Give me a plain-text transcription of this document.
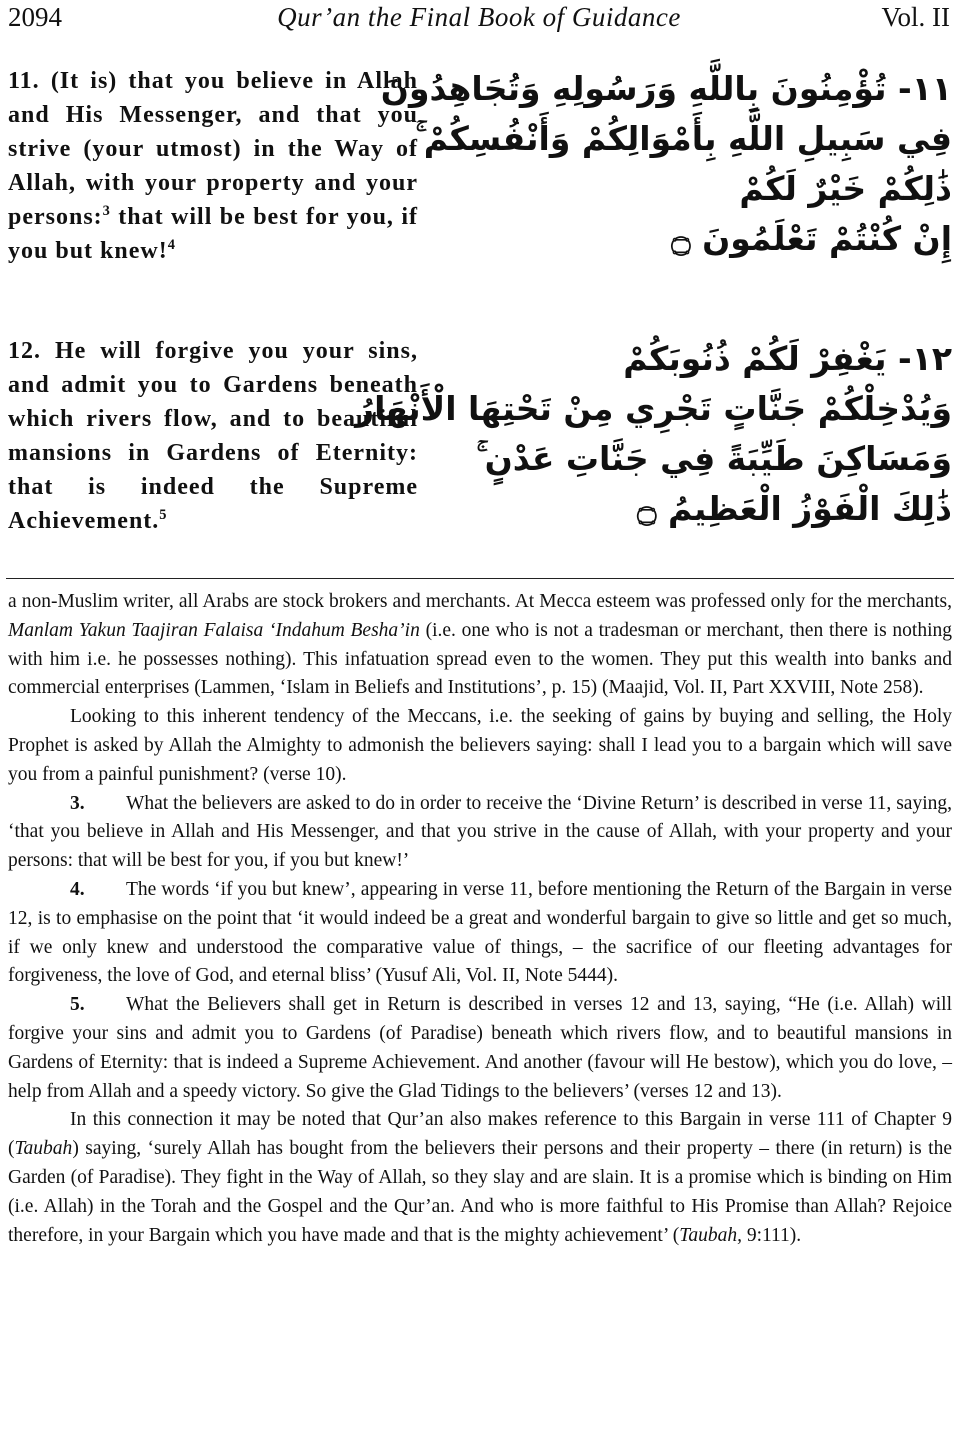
2094	Qur’an the Final Book of Guidance	Vol. II
11. (It is) that you believe in Allah and His Messenger, and that you strive (your utmost) in the Way of Allah, with your property and your persons:$^3$ that will be best for you, if you but knew!$^4$
١١- تُؤْمِنُونَ بِاللَّهِ وَرَسُولِهِ وَتُجَاهِدُونَ
فِي سَبِيلِ اللَّهِ بِأَمْوَالِكُمْ وَأَنْفُسِكُمْ ۚ
ذَٰلِكُمْ خَيْرٌ لَكُمْ
إِنْ كُنْتُمْ تَعْلَمُونَ ۝
12. He will forgive you your sins, and admit you to Gardens beneath which rivers flow, and to beautiful mansions in Gardens of Eternity: that is indeed the Supreme Achievement.$^5$
١٢- يَغْفِرْ لَكُمْ ذُنُوبَكُمْ
وَيُدْخِلْكُمْ جَنَّاتٍ تَجْرِي مِنْ تَحْتِهَا الْأَنْهَارُ
وَمَسَاكِنَ طَيِّبَةً فِي جَنَّاتِ عَدْنٍ ۚ
ذَٰلِكَ الْفَوْزُ الْعَظِيمُ ۝

a non-Muslim writer, all Arabs are stock brokers and merchants. At Mecca esteem was professed only for the merchants, Manlam Yakun Taajiran Falaisa ‘Indahum Besha’in (i.e. one who is not a tradesman or merchant, then there is nothing with him i.e. he possesses nothing). This infatuation spread even to the women. They put this wealth into banks and commercial enterprises (Lammen, ‘Islam in Beliefs and Institutions’, p. 15) (Maajid, Vol. II, Part XXVIII, Note 258).

Looking to this inherent tendency of the Meccans, i.e. the seeking of gains by buying and selling, the Holy Prophet is asked by Allah the Almighty to admonish the believers saying: shall I lead you to a bargain which will save you from a painful punishment? (verse 10).

3. What the believers are asked to do in order to receive the ‘Divine Return’ is described in verse 11, saying, ‘that you believe in Allah and His Messenger, and that you strive in the cause of Allah, with your property and your persons: that will be best for you, if you but knew!’

4. The words ‘if you but knew’, appearing in verse 11, before mentioning the Return of the Bargain in verse 12, is to emphasise on the point that ‘it would indeed be a great and wonderful bargain to give so little and get so much, if we only knew and understood the comparative value of things, – the sacrifice of our fleeting advantages for forgiveness, the love of God, and eternal bliss’ (Yusuf Ali, Vol. II, Note 5444).

5. What the Believers shall get in Return is described in verses 12 and 13, saying, “He (i.e. Allah) will forgive your sins and admit you to Gardens (of Paradise) beneath which rivers flow, and to beautiful mansions in Gardens of Eternity: that is indeed a Supreme Achievement. And another (favour will He bestow), which you do love, – help from Allah and a speedy victory. So give the Glad Tidings to the believers’ (verses 12 and 13).

In this connection it may be noted that Qur’an also makes reference to this Bargain in verse 111 of Chapter 9 (Taubah) saying, ‘surely Allah has bought from the believers their persons and their property – there (in return) is the Garden (of Paradise). They fight in the Way of Allah, so they slay and are slain. It is a promise which is binding on Him (i.e. Allah) in the Torah and the Gospel and the Qur’an. And who is more faithful to His Promise than Allah? Rejoice therefore, in your Bargain which you have made and that is the mighty achievement’ (Taubah, 9:111).
